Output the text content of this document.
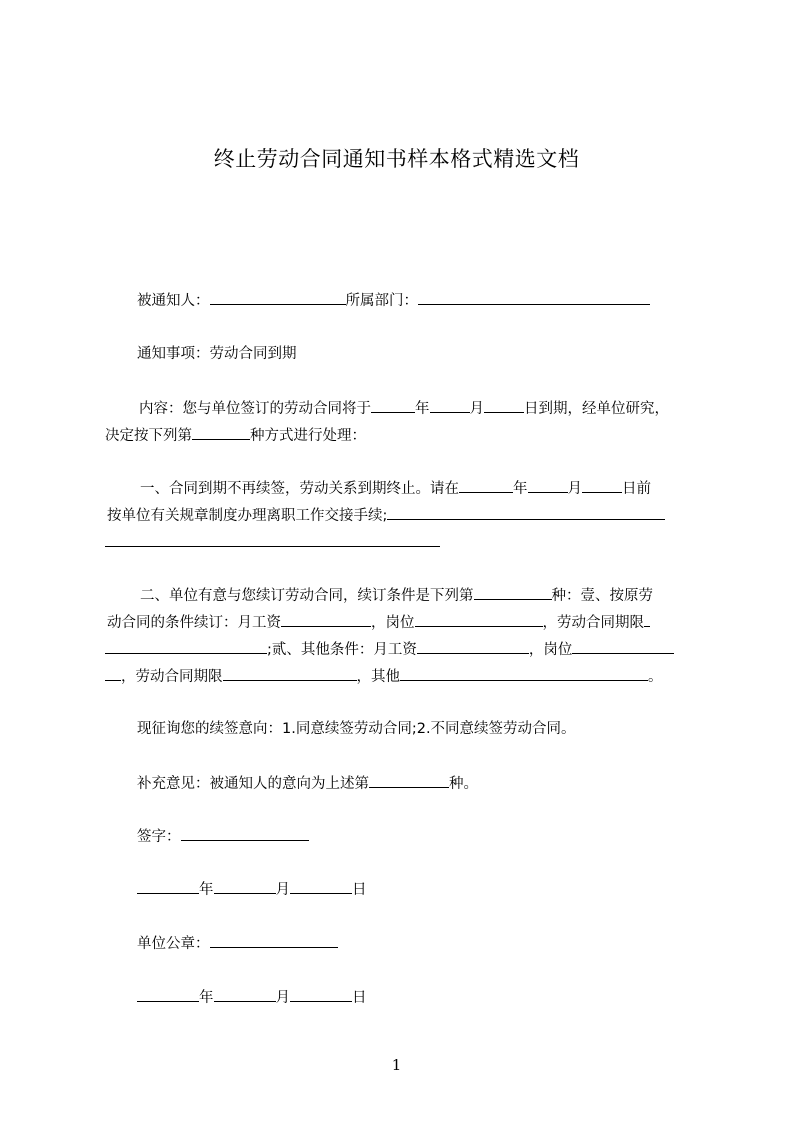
终止劳动合同通知书样本格式精选文档
被通知人：	所属部门：
通知事项：劳动合同到期
内容：您与单位签订的劳动合同将于	年	月	日到期，经单位研究，
决定按下列第	种方式进行处理：
一、合同到期不再续签，劳动关系到期终止。请在	年	月	日前
按单位有关规章制度办理离职工作交接手续;
二、单位有意与您续订劳动合同，续订条件是下列第	种：壹、按原劳
动合同的条件续订：月工资	，岗位	，劳动合同期限
;贰、其他条件：月工资	，岗位
，劳动合同期限	，其他	。
现征询您的续签意向：1.同意续签劳动合同;2.不同意续签劳动合同。
补充意见：被通知人的意向为上述第	种。
签字：
年	月	日
单位公章：
年	月	日
1
